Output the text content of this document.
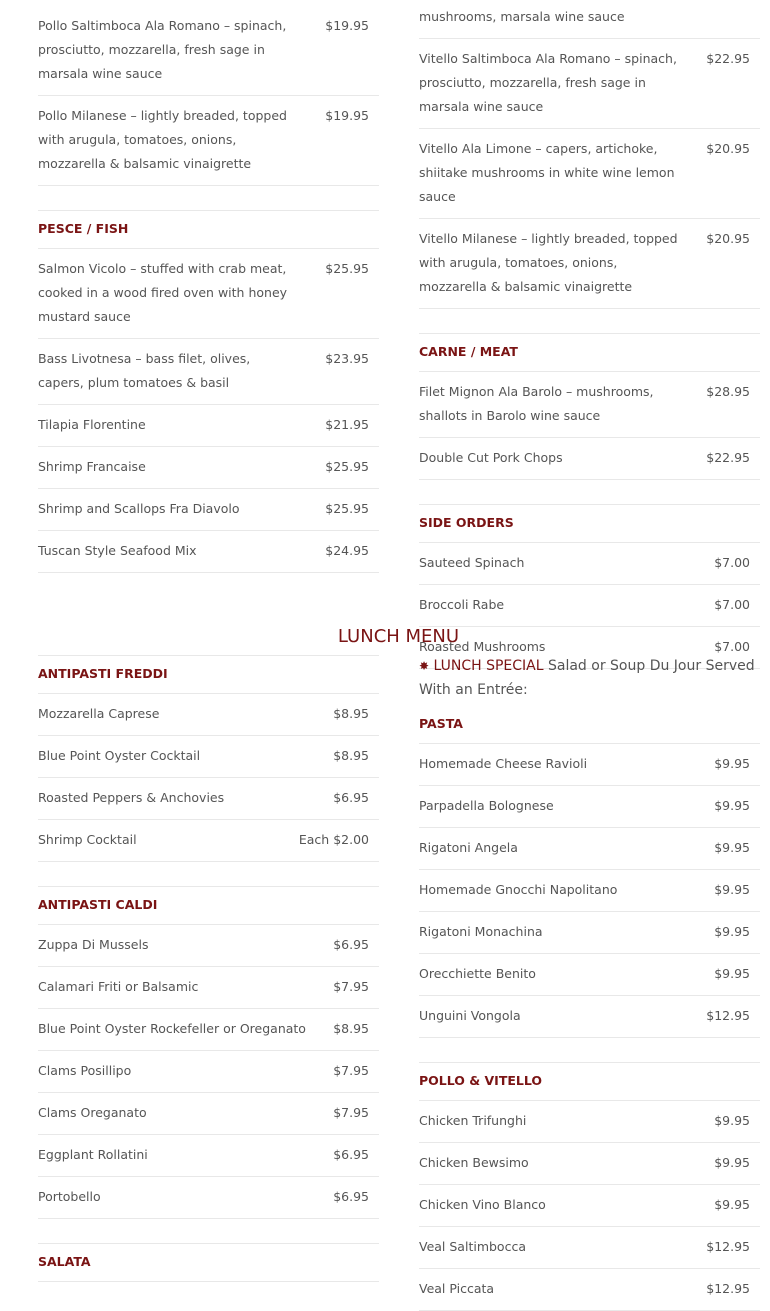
Pollo Saltimboca Ala Romano – spinach, prosciutto, mozzarella, fresh sage in marsala wine sauce
$19.95
Pollo Milanese – lightly breaded, topped with arugula, tomatoes, onions, mozzarella & balsamic vinaigrette
$19.95
PESCE / FISH
Salmon Vicolo – stuffed with crab meat, cooked in a wood fired oven with honey mustard sauce
$25.95
Bass Livotnesa – bass filet, olives, capers, plum tomatoes & basil
$23.95
Tilapia Florentine	$21.95
Shrimp Francaise	$25.95
Shrimp and Scallops Fra Diavolo	$25.95
Tuscan Style Seafood Mix	$24.95
mushrooms, marsala wine sauce
Vitello Saltimboca Ala Romano – spinach, prosciutto, mozzarella, fresh sage in marsala wine sauce
$22.95
Vitello Ala Limone – capers, artichoke, shiitake mushrooms in white wine lemon sauce
$20.95
Vitello Milanese – lightly breaded, topped with arugula, tomatoes, onions, mozzarella & balsamic vinaigrette
$20.95
CARNE / MEAT
Filet Mignon Ala Barolo – mushrooms, shallots in Barolo wine sauce
$28.95
Double Cut Pork Chops	$22.95
SIDE ORDERS
Sauteed Spinach	$7.00
Broccoli Rabe	$7.00
Roasted Mushrooms	$7.00
LUNCH MENU
ANTIPASTI FREDDI
Mozzarella Caprese	$8.95
Blue Point Oyster Cocktail	$8.95
Roasted Peppers & Anchovies	$6.95
Shrimp Cocktail	Each $2.00
ANTIPASTI CALDI
Zuppa Di Mussels	$6.95
Calamari Friti or Balsamic	$7.95
Blue Point Oyster Rockefeller or Oreganato $8.95
Clams Posillipo	$7.95
Clams Oreganato	$7.95
Eggplant Rollatini	$6.95
Portobello	$6.95
SALATA
✸ LUNCH SPECIAL Salad or Soup Du Jour Served With an Entrée:
PASTA
Homemade Cheese Ravioli	$9.95
Parpadella Bolognese	$9.95
Rigatoni Angela	$9.95
Homemade Gnocchi Napolitano	$9.95
Rigatoni Monachina	$9.95
Orecchiette Benito	$9.95
Unguini Vongola	$12.95
POLLO & VITELLO
Chicken Trifunghi	$9.95
Chicken Bewsimo	$9.95
Chicken Vino Blanco	$9.95
Veal Saltimbocca	$12.95
Veal Piccata	$12.95
